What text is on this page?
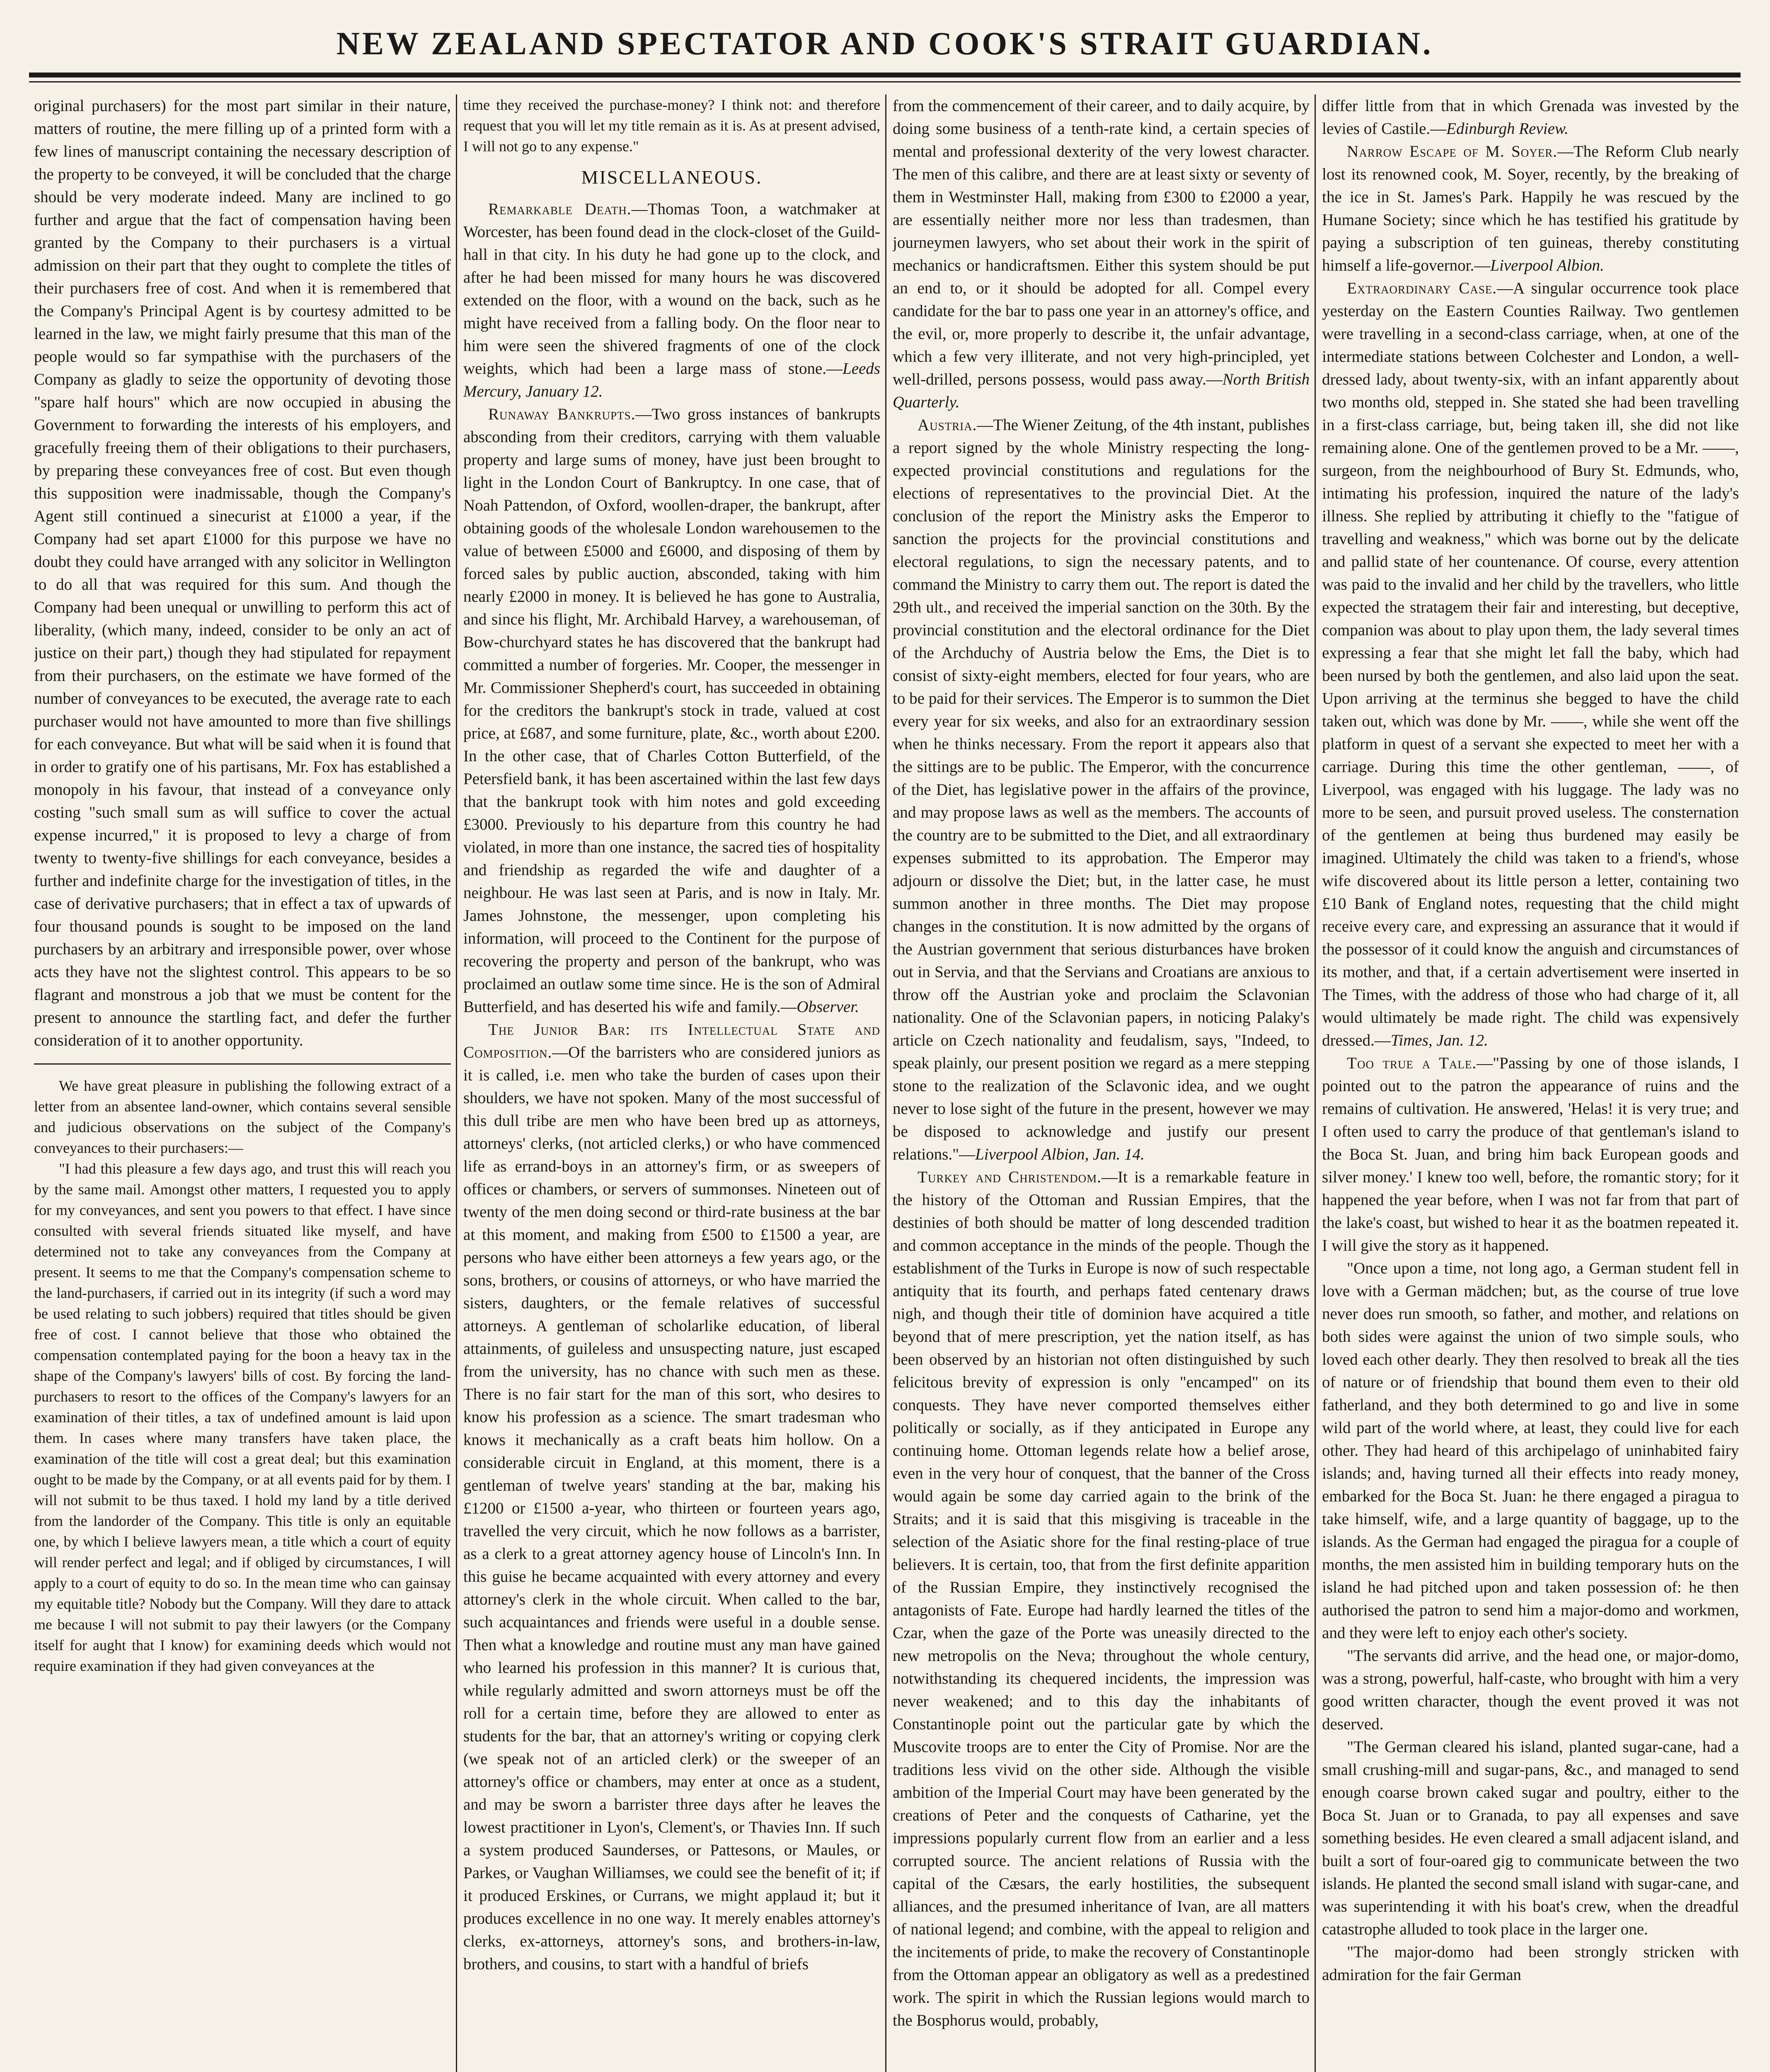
NEW ZEALAND SPECTATOR AND COOK'S STRAIT GUARDIAN.

original purchasers) for the most part similar in their nature, matters of routine, the mere filling up of a printed form with a few lines of manuscript containing the necessary description of the property to be conveyed, it will be concluded that the charge should be very moderate indeed. Many are inclined to go further and argue that the fact of compensation having been granted by the Company to their purchasers is a virtual admission on their part that they ought to complete the titles of their purchasers free of cost. And when it is remembered that the Company's Principal Agent is by courtesy admitted to be learned in the law, we might fairly presume that this man of the people would so far sympathise with the purchasers of the Company as gladly to seize the opportunity of devoting those "spare half hours" which are now occupied in abusing the Government to forwarding the interests of his employers, and gracefully freeing them of their obligations to their purchasers, by preparing these conveyances free of cost. But even though this supposition were inadmissable, though the Company's Agent still continued a sinecurist at £1000 a year, if the Company had set apart £1000 for this purpose we have no doubt they could have arranged with any solicitor in Wellington to do all that was required for this sum. And though the Company had been unequal or unwilling to perform this act of liberality, (which many, indeed, consider to be only an act of justice on their part,) though they had stipulated for repayment from their purchasers, on the estimate we have formed of the number of conveyances to be executed, the average rate to each purchaser would not have amounted to more than five shillings for each conveyance. But what will be said when it is found that in order to gratify one of his partisans, Mr. Fox has established a monopoly in his favour, that instead of a conveyance only costing "such small sum as will suffice to cover the actual expense incurred," it is proposed to levy a charge of from twenty to twenty-five shillings for each conveyance, besides a further and indefinite charge for the investigation of titles, in the case of derivative purchasers; that in effect a tax of upwards of four thousand pounds is sought to be imposed on the land purchasers by an arbitrary and irresponsible power, over whose acts they have not the slightest control. This appears to be so flagrant and monstrous a job that we must be content for the present to announce the startling fact, and defer the further consideration of it to another opportunity.

We have great pleasure in publishing the following extract of a letter from an absentee land-owner, which contains several sensible and judicious observations on the subject of the Company's conveyances to their purchasers:—

"I had this pleasure a few days ago, and trust this will reach you by the same mail. Amongst other matters, I requested you to apply for my conveyances, and sent you powers to that effect. I have since consulted with several friends situated like myself, and have determined not to take any conveyances from the Company at present. It seems to me that the Company's compensation scheme to the land-purchasers, if carried out in its integrity (if such a word may be used relating to such jobbers) required that titles should be given free of cost. I cannot believe that those who obtained the compensation contemplated paying for the boon a heavy tax in the shape of the Company's lawyers' bills of cost. By forcing the land-purchasers to resort to the offices of the Company's lawyers for an examination of their titles, a tax of undefined amount is laid upon them. In cases where many transfers have taken place, the examination of the title will cost a great deal; but this examination ought to be made by the Company, or at all events paid for by them. I will not submit to be thus taxed. I hold my land by a title derived from the landorder of the Company. This title is only an equitable one, by which I believe lawyers mean, a title which a court of equity will render perfect and legal; and if obliged by circumstances, I will apply to a court of equity to do so. In the mean time who can gainsay my equitable title? Nobody but the Company. Will they dare to attack me because I will not submit to pay their lawyers (or the Company itself for aught that I know) for examining deeds which would not require examination if they had given conveyances at the

time they received the purchase-money? I think not: and therefore request that you will let my title remain as it is. As at present advised, I will not go to any expense."

MISCELLANEOUS.

Remarkable Death.—Thomas Toon, a watchmaker at Worcester, has been found dead in the clock-closet of the Guild-hall in that city. In his duty he had gone up to the clock, and after he had been missed for many hours he was discovered extended on the floor, with a wound on the back, such as he might have received from a falling body. On the floor near to him were seen the shivered fragments of one of the clock weights, which had been a large mass of stone.—Leeds Mercury, January 12.

Runaway Bankrupts.—Two gross instances of bankrupts absconding from their creditors, carrying with them valuable property and large sums of money, have just been brought to light in the London Court of Bankruptcy. In one case, that of Noah Pattendon, of Oxford, woollen-draper, the bankrupt, after obtaining goods of the wholesale London warehousemen to the value of between £5000 and £6000, and disposing of them by forced sales by public auction, absconded, taking with him nearly £2000 in money. It is believed he has gone to Australia, and since his flight, Mr. Archibald Harvey, a warehouseman, of Bow-churchyard states he has discovered that the bankrupt had committed a number of forgeries. Mr. Cooper, the messenger in Mr. Commissioner Shepherd's court, has succeeded in obtaining for the creditors the bankrupt's stock in trade, valued at cost price, at £687, and some furniture, plate, &c., worth about £200. In the other case, that of Charles Cotton Butterfield, of the Petersfield bank, it has been ascertained within the last few days that the bankrupt took with him notes and gold exceeding £3000. Previously to his departure from this country he had violated, in more than one instance, the sacred ties of hospitality and friendship as regarded the wife and daughter of a neighbour. He was last seen at Paris, and is now in Italy. Mr. James Johnstone, the messenger, upon completing his information, will proceed to the Continent for the purpose of recovering the property and person of the bankrupt, who was proclaimed an outlaw some time since. He is the son of Admiral Butterfield, and has deserted his wife and family.—Observer.

The Junior Bar: its Intellectual State and Composition.—Of the barristers who are considered juniors as it is called, i.e. men who take the burden of cases upon their shoulders, we have not spoken. Many of the most successful of this dull tribe are men who have been bred up as attorneys, attorneys' clerks, (not articled clerks,) or who have commenced life as errand-boys in an attorney's firm, or as sweepers of offices or chambers, or servers of summonses. Nineteen out of twenty of the men doing second or third-rate business at the bar at this moment, and making from £500 to £1500 a year, are persons who have either been attorneys a few years ago, or the sons, brothers, or cousins of attorneys, or who have married the sisters, daughters, or the female relatives of successful attorneys. A gentleman of scholarlike education, of liberal attainments, of guileless and unsuspecting nature, just escaped from the university, has no chance with such men as these. There is no fair start for the man of this sort, who desires to know his profession as a science. The smart tradesman who knows it mechanically as a craft beats him hollow. On a considerable circuit in England, at this moment, there is a gentleman of twelve years' standing at the bar, making his £1200 or £1500 a-year, who thirteen or fourteen years ago, travelled the very circuit, which he now follows as a barrister, as a clerk to a great attorney agency house of Lincoln's Inn. In this guise he became acquainted with every attorney and every attorney's clerk in the whole circuit. When called to the bar, such acquaintances and friends were useful in a double sense. Then what a knowledge and routine must any man have gained who learned his profession in this manner? It is curious that, while regularly admitted and sworn attorneys must be off the roll for a certain time, before they are allowed to enter as students for the bar, that an attorney's writing or copying clerk (we speak not of an articled clerk) or the sweeper of an attorney's office or chambers, may enter at once as a student, and may be sworn a barrister three days after he leaves the lowest practitioner in Lyon's, Clement's, or Thavies Inn. If such a system produced Saunderses, or Pattesons, or Maules, or Parkes, or Vaughan Williamses, we could see the benefit of it; if it produced Erskines, or Currans, we might applaud it; but it produces excellence in no one way. It merely enables attorney's clerks, ex-attorneys, attorney's sons, and brothers-in-law, brothers, and cousins, to start with a handful of briefs

from the commencement of their career, and to daily acquire, by doing some business of a tenth-rate kind, a certain species of mental and professional dexterity of the very lowest character. The men of this calibre, and there are at least sixty or seventy of them in Westminster Hall, making from £300 to £2000 a year, are essentially neither more nor less than tradesmen, than journeymen lawyers, who set about their work in the spirit of mechanics or handicraftsmen. Either this system should be put an end to, or it should be adopted for all. Compel every candidate for the bar to pass one year in an attorney's office, and the evil, or, more properly to describe it, the unfair advantage, which a few very illiterate, and not very high-principled, yet well-drilled, persons possess, would pass away.—North British Quarterly.

Austria.—The Wiener Zeitung, of the 4th instant, publishes a report signed by the whole Ministry respecting the long-expected provincial constitutions and regulations for the elections of representatives to the provincial Diet. At the conclusion of the report the Ministry asks the Emperor to sanction the projects for the provincial constitutions and electoral regulations, to sign the necessary patents, and to command the Ministry to carry them out. The report is dated the 29th ult., and received the imperial sanction on the 30th. By the provincial constitution and the electoral ordinance for the Diet of the Archduchy of Austria below the Ems, the Diet is to consist of sixty-eight members, elected for four years, who are to be paid for their services. The Emperor is to summon the Diet every year for six weeks, and also for an extraordinary session when he thinks necessary. From the report it appears also that the sittings are to be public. The Emperor, with the concurrence of the Diet, has legislative power in the affairs of the province, and may propose laws as well as the members. The accounts of the country are to be submitted to the Diet, and all extraordinary expenses submitted to its approbation. The Emperor may adjourn or dissolve the Diet; but, in the latter case, he must summon another in three months. The Diet may propose changes in the constitution. It is now admitted by the organs of the Austrian government that serious disturbances have broken out in Servia, and that the Servians and Croatians are anxious to throw off the Austrian yoke and proclaim the Sclavonian nationality. One of the Sclavonian papers, in noticing Palaky's article on Czech nationality and feudalism, says, "Indeed, to speak plainly, our present position we regard as a mere stepping stone to the realization of the Sclavonic idea, and we ought never to lose sight of the future in the present, however we may be disposed to acknowledge and justify our present relations."—Liverpool Albion, Jan. 14.

Turkey and Christendom.—It is a remarkable feature in the history of the Ottoman and Russian Empires, that the destinies of both should be matter of long descended tradition and common acceptance in the minds of the people. Though the establishment of the Turks in Europe is now of such respectable antiquity that its fourth, and perhaps fated centenary draws nigh, and though their title of dominion have acquired a title beyond that of mere prescription, yet the nation itself, as has been observed by an historian not often distinguished by such felicitous brevity of expression is only "encamped" on its conquests. They have never comported themselves either politically or socially, as if they anticipated in Europe any continuing home. Ottoman legends relate how a belief arose, even in the very hour of conquest, that the banner of the Cross would again be some day carried again to the brink of the Straits; and it is said that this misgiving is traceable in the selection of the Asiatic shore for the final resting-place of true believers. It is certain, too, that from the first definite apparition of the Russian Empire, they instinctively recognised the antagonists of Fate. Europe had hardly learned the titles of the Czar, when the gaze of the Porte was uneasily directed to the new metropolis on the Neva; throughout the whole century, notwithstanding its chequered incidents, the impression was never weakened; and to this day the inhabitants of Constantinople point out the particular gate by which the Muscovite troops are to enter the City of Promise. Nor are the traditions less vivid on the other side. Although the visible ambition of the Imperial Court may have been generated by the creations of Peter and the conquests of Catharine, yet the impressions popularly current flow from an earlier and a less corrupted source. The ancient relations of Russia with the capital of the Cæsars, the early hostilities, the subsequent alliances, and the presumed inheritance of Ivan, are all matters of national legend; and combine, with the appeal to religion and the incitements of pride, to make the recovery of Constantinople from the Ottoman appear an obligatory as well as a predestined work. The spirit in which the Russian legions would march to the Bosphorus would, probably,

differ little from that in which Grenada was invested by the levies of Castile.—Edinburgh Review.

Narrow Escape of M. Soyer.—The Reform Club nearly lost its renowned cook, M. Soyer, recently, by the breaking of the ice in St. James's Park. Happily he was rescued by the Humane Society; since which he has testified his gratitude by paying a subscription of ten guineas, thereby constituting himself a life-governor.—Liverpool Albion.

Extraordinary Case.—A singular occurrence took place yesterday on the Eastern Counties Railway. Two gentlemen were travelling in a second-class carriage, when, at one of the intermediate stations between Colchester and London, a well-dressed lady, about twenty-six, with an infant apparently about two months old, stepped in. She stated she had been travelling in a first-class carriage, but, being taken ill, she did not like remaining alone. One of the gentlemen proved to be a Mr. ——, surgeon, from the neighbourhood of Bury St. Edmunds, who, intimating his profession, inquired the nature of the lady's illness. She replied by attributing it chiefly to the "fatigue of travelling and weakness," which was borne out by the delicate and pallid state of her countenance. Of course, every attention was paid to the invalid and her child by the travellers, who little expected the stratagem their fair and interesting, but deceptive, companion was about to play upon them, the lady several times expressing a fear that she might let fall the baby, which had been nursed by both the gentlemen, and also laid upon the seat. Upon arriving at the terminus she begged to have the child taken out, which was done by Mr. ——, while she went off the platform in quest of a servant she expected to meet her with a carriage. During this time the other gentleman, ——, of Liverpool, was engaged with his luggage. The lady was no more to be seen, and pursuit proved useless. The consternation of the gentlemen at being thus burdened may easily be imagined. Ultimately the child was taken to a friend's, whose wife discovered about its little person a letter, containing two £10 Bank of England notes, requesting that the child might receive every care, and expressing an assurance that it would if the possessor of it could know the anguish and circumstances of its mother, and that, if a certain advertisement were inserted in The Times, with the address of those who had charge of it, all would ultimately be made right. The child was expensively dressed.—Times, Jan. 12.

Too true a Tale.—"Passing by one of those islands, I pointed out to the patron the appearance of ruins and the remains of cultivation. He answered, 'Helas! it is very true; and I often used to carry the produce of that gentleman's island to the Boca St. Juan, and bring him back European goods and silver money.' I knew too well, before, the romantic story; for it happened the year before, when I was not far from that part of the lake's coast, but wished to hear it as the boatmen repeated it. I will give the story as it happened.

"Once upon a time, not long ago, a German student fell in love with a German mädchen; but, as the course of true love never does run smooth, so father, and mother, and relations on both sides were against the union of two simple souls, who loved each other dearly. They then resolved to break all the ties of nature or of friendship that bound them even to their old fatherland, and they both determined to go and live in some wild part of the world where, at least, they could live for each other. They had heard of this archipelago of uninhabited fairy islands; and, having turned all their effects into ready money, embarked for the Boca St. Juan: he there engaged a piragua to take himself, wife, and a large quantity of baggage, up to the islands. As the German had engaged the piragua for a couple of months, the men assisted him in building temporary huts on the island he had pitched upon and taken possession of: he then authorised the patron to send him a major-domo and workmen, and they were left to enjoy each other's society.

"The servants did arrive, and the head one, or major-domo, was a strong, powerful, half-caste, who brought with him a very good written character, though the event proved it was not deserved.

"The German cleared his island, planted sugar-cane, had a small crushing-mill and sugar-pans, &c., and managed to send enough coarse brown caked sugar and poultry, either to the Boca St. Juan or to Granada, to pay all expenses and save something besides. He even cleared a small adjacent island, and built a sort of four-oared gig to communicate between the two islands. He planted the second small island with sugar-cane, and was superintending it with his boat's crew, when the dreadful catastrophe alluded to took place in the larger one.

"The major-domo had been strongly stricken with admiration for the fair German
